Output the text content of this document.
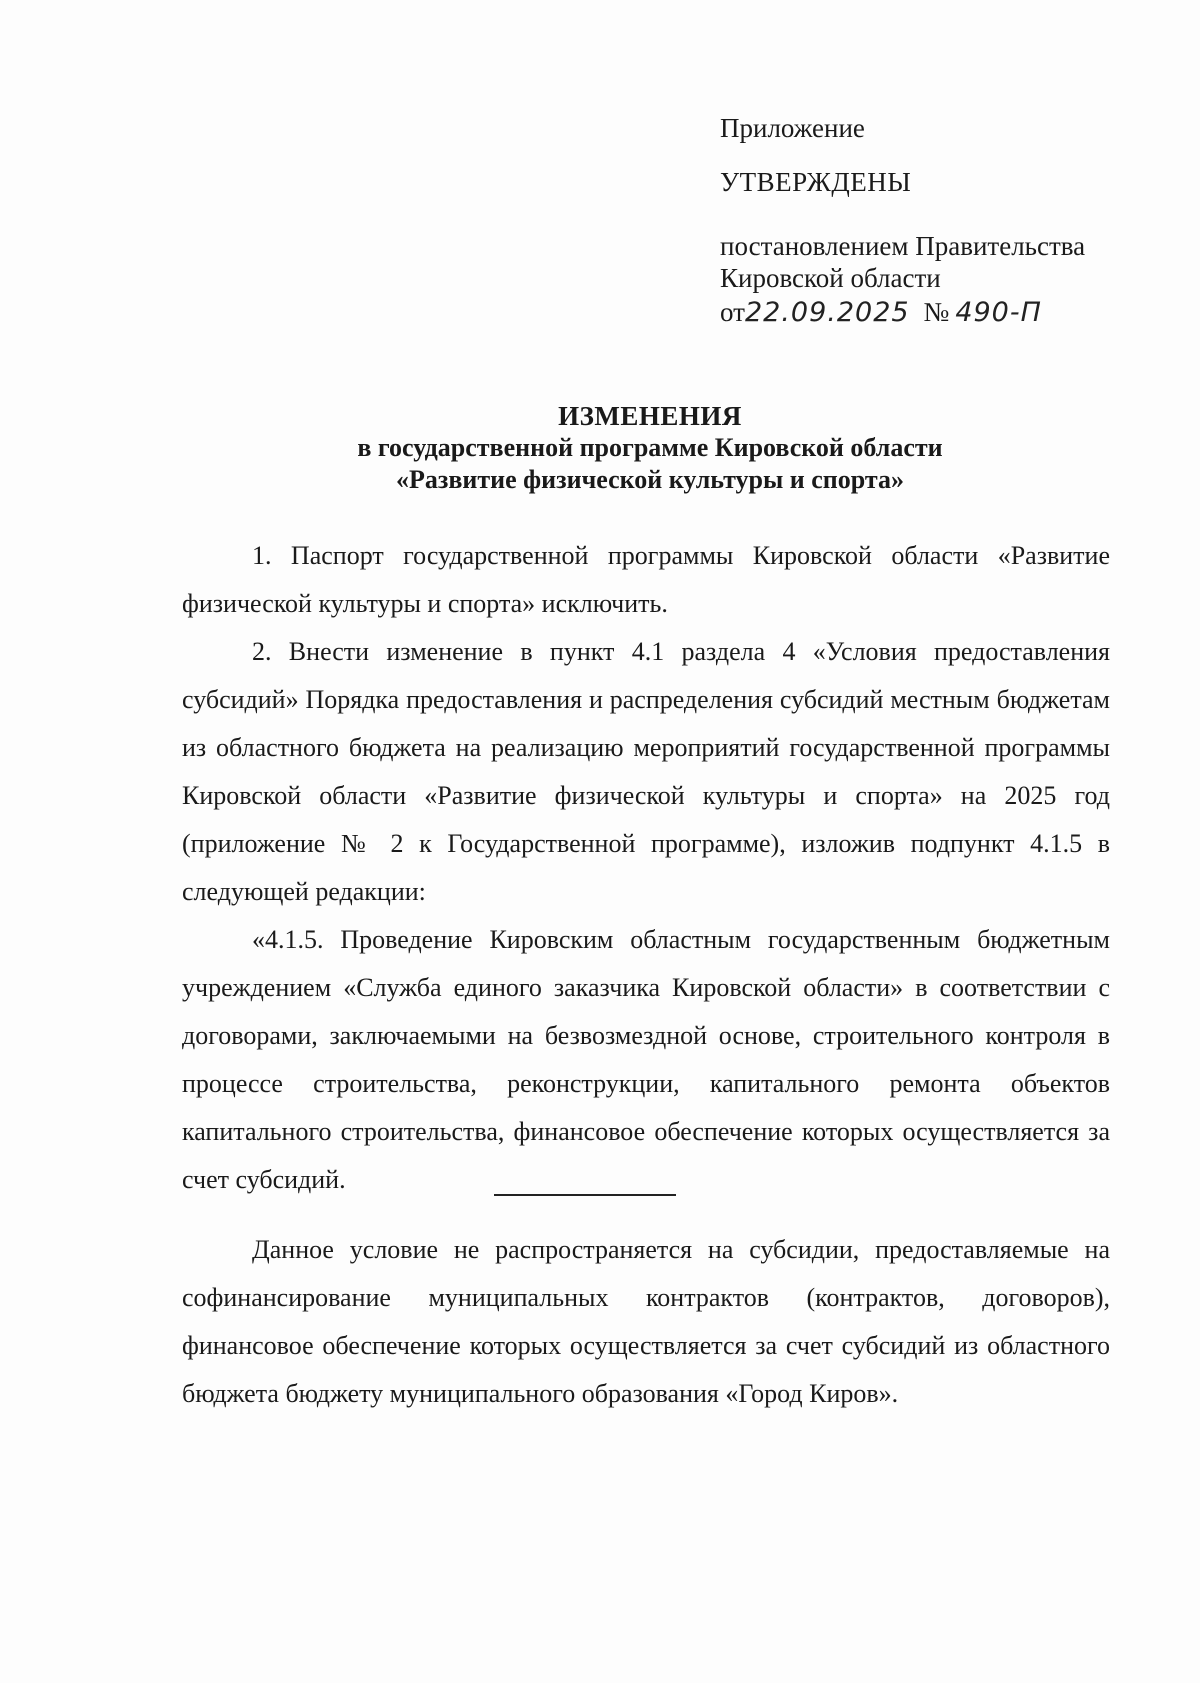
Приложение
УТВЕРЖДЕНЫ
постановлением Правительства
Кировской области
от22.09.2025 № 490-П
ИЗМЕНЕНИЯ
в государственной программе Кировской области
«Развитие физической культуры и спорта»

1. Паспорт государственной программы Кировской области «Развитие физической культуры и спорта» исключить.

2. Внести изменение в пункт 4.1 раздела 4 «Условия предоставления субсидий» Порядка предоставления и распределения субсидий местным бюджетам из областного бюджета на реализацию мероприятий государственной программы Кировской области «Развитие физической культуры и спорта» на 2025 год (приложение № 2 к Государственной программе), изложив подпункт 4.1.5 в следующей редакции:

«4.1.5. Проведение Кировским областным государственным бюджетным учреждением «Служба единого заказчика Кировской области» в соответствии с договорами, заключаемыми на безвозмездной основе, строительного контроля в процессе строительства, реконструкции, капитального ремонта объектов капитального строительства, финансовое обеспечение которых осуществляется за счет субсидий.

Данное условие не распространяется на субсидии, предоставляемые на софинансирование муниципальных контрактов (контрактов, договоров), финансовое обеспечение которых осуществляется за счет субсидий из областного бюджета бюджету муниципального образования «Город Киров».
